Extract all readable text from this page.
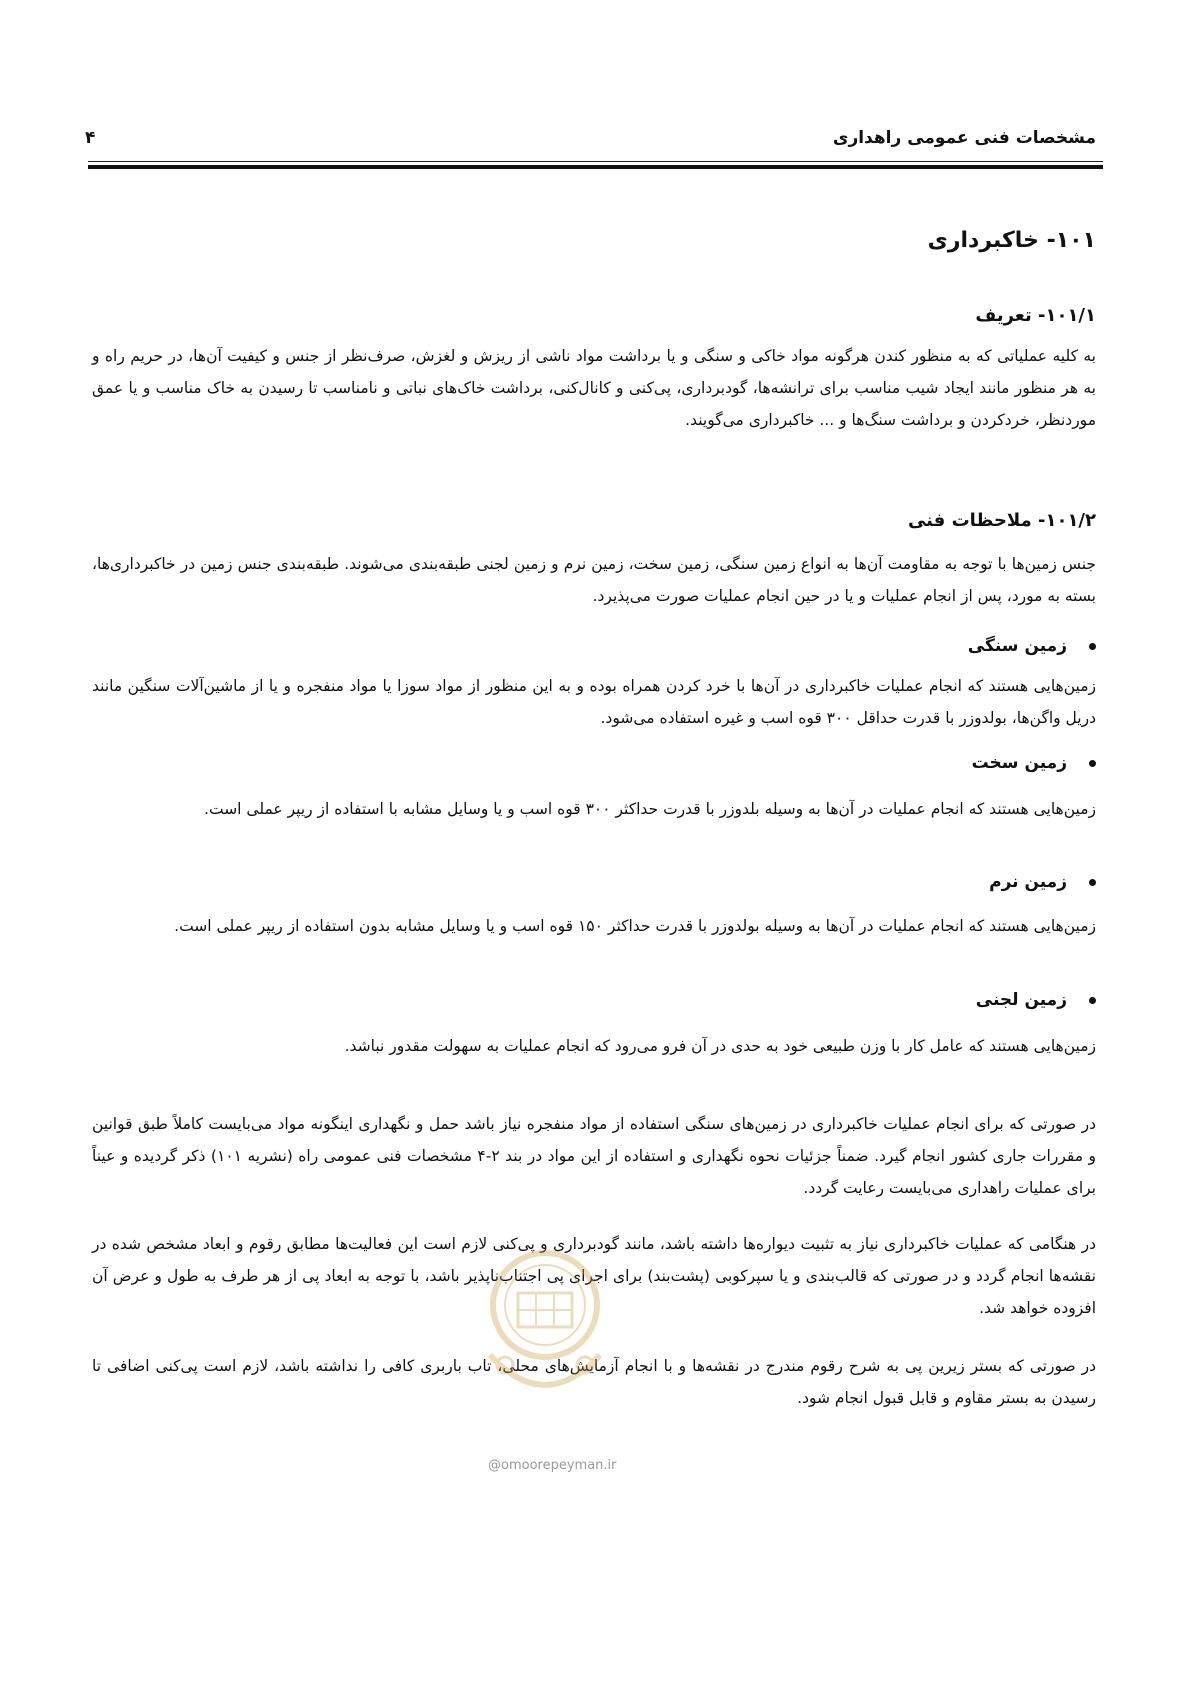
مشخصات فنی عمومی راهداری
۴
۱۰۱- خاکبرداری
۱۰۱/۱- تعریف
به کلیه عملیاتی که به منظور کندن هرگونه مواد خاکی و سنگی و یا برداشت مواد ناشی از ریزش و لغزش، صرف‌نظر از جنس و کیفیت آن‌ها، در حریم راه و به هر منظور مانند ایجاد شیب مناسب برای ترانشه‌ها، گودبرداری، پی‌کنی و کانال‌کنی، برداشت خاک‌های نباتی و نامناسب تا رسیدن به خاک مناسب و یا عمق موردنظر، خردکردن و برداشت سنگ‌ها و ... خاکبرداری می‌گویند.
۱۰۱/۲- ملاحظات فنی
جنس زمین‌ها با توجه به مقاومت آن‌ها به انواع زمین سنگی، زمین سخت، زمین نرم و زمین لجنی طبقه‌بندی می‌شوند. طبقه‌بندی جنس زمین در خاکبرداری‌ها، بسته به مورد، پس از انجام عملیات و یا در حین انجام عملیات صورت می‌پذیرد.
زمین سنگی
زمین‌هایی هستند که انجام عملیات خاکبرداری در آن‌ها با خرد کردن همراه بوده و به این منظور از مواد سوزا یا مواد منفجره و یا از ماشین‌آلات سنگین مانند دریل واگن‌ها، بولدوزر با قدرت حداقل ۳۰۰ قوه اسب و غیره استفاده می‌شود.
زمین سخت
زمین‌هایی هستند که انجام عملیات در آن‌ها به وسیله بلدوزر با قدرت حداکثر ۳۰۰ قوه اسب و یا وسایل مشابه با استفاده از ریپر عملی است.
زمین نرم
زمین‌هایی هستند که انجام عملیات در آن‌ها به وسیله بولدوزر با قدرت حداکثر ۱۵۰ قوه اسب و یا وسایل مشابه بدون استفاده از ریپر عملی است.
زمین لجنی
زمین‌هایی هستند که عامل کار با وزن طبیعی خود به حدی در آن فرو می‌رود که انجام عملیات به سهولت مقدور نباشد.
در صورتی که برای انجام عملیات خاکبرداری در زمین‌های سنگی استفاده از مواد منفجره نیاز باشد حمل و نگهداری اینگونه مواد می‌بایست کاملاً طبق قوانین و مقررات جاری کشور انجام گیرد. ضمناً جزئیات نحوه نگهداری و استفاده از این مواد در بند ۲-۴ مشخصات فنی عمومی راه (نشریه ۱۰۱) ذکر گردیده و عیناً برای عملیات راهداری می‌بایست رعایت گردد.
در هنگامی که عملیات خاکبرداری نیاز به تثبیت دیواره‌ها داشته باشد، مانند گودبرداری و پی‌کنی لازم است این فعالیت‌ها مطابق رقوم و ابعاد مشخص شده در نقشه‌ها انجام گردد و در صورتی که قالب‌بندی و یا سپرکوبی (پشت‌بند) برای اجرای پی اجتناب‌ناپذیر باشد، با توجه به ابعاد پی از هر طرف به طول و عرض آن افزوده خواهد شد.
در صورتی که بستر زیرین پی به شرح رقوم مندرج در نقشه‌ها و با انجام آزمایش‌های محلی، تاب باربری کافی را نداشته باشد، لازم است پی‌کنی اضافی تا رسیدن به بستر مقاوم و قابل قبول انجام شود.
@omoorepeyman.ir
